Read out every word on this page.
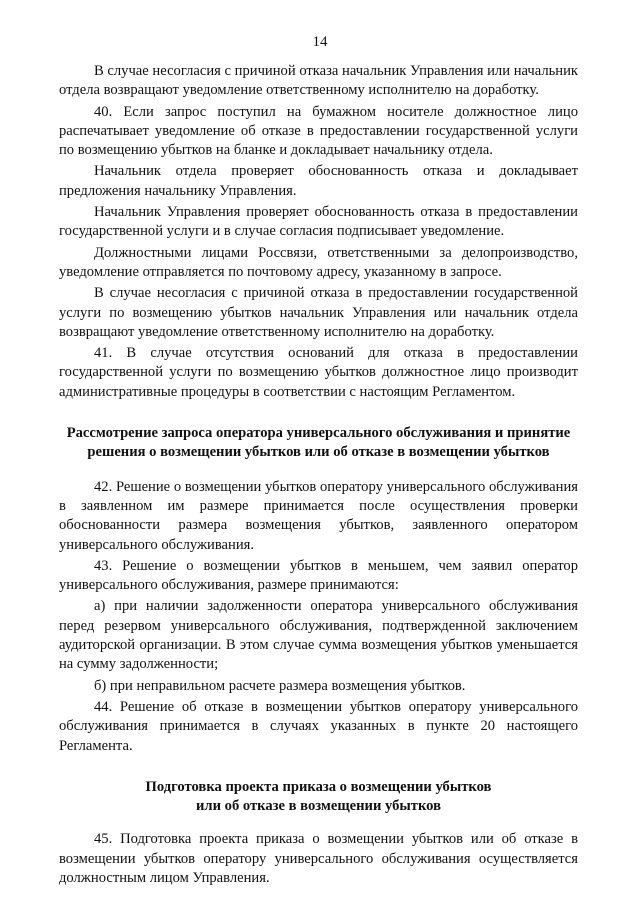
14

В случае несогласия с причиной отказа начальник Управления или начальник отдела возвращают уведомление ответственному исполнителю на доработку.

40. Если запрос поступил на бумажном носителе должностное лицо распечатывает уведомление об отказе в предоставлении государственной услуги по возмещению убытков на бланке и докладывает начальнику отдела.

Начальник отдела проверяет обоснованность отказа и докладывает предложения начальнику Управления.

Начальник Управления проверяет обоснованность отказа в предоставлении государственной услуги и в случае согласия подписывает уведомление.

Должностными лицами Россвязи, ответственными за делопроизводство, уведомление отправляется по почтовому адресу, указанному в запросе.

В случае несогласия с причиной отказа в предоставлении государственной услуги по возмещению убытков начальник Управления или начальник отдела возвращают уведомление ответственному исполнителю на доработку.

41. В случае отсутствия оснований для отказа в предоставлении государственной услуги по возмещению убытков должностное лицо производит административные процедуры в соответствии с настоящим Регламентом.

Рассмотрение запроса оператора универсального обслуживания и принятие
решения о возмещении убытков или об отказе в возмещении убытков

42. Решение о возмещении убытков оператору универсального обслуживания в заявленном им размере принимается после осуществления проверки обоснованности размера возмещения убытков, заявленного оператором универсального обслуживания.

43. Решение о возмещении убытков в меньшем, чем заявил оператор универсального обслуживания, размере принимаются:

а) при наличии задолженности оператора универсального обслуживания перед резервом универсального обслуживания, подтвержденной заключением аудиторской организации. В этом случае сумма возмещения убытков уменьшается на сумму задолженности;

б) при неправильном расчете размера возмещения убытков.

44. Решение об отказе в возмещении убытков оператору универсального обслуживания принимается в случаях указанных в пункте 20 настоящего Регламента.

Подготовка проекта приказа о возмещении убытков
или об отказе в возмещении убытков

45. Подготовка проекта приказа о возмещении убытков или об отказе в возмещении убытков оператору универсального обслуживания осуществляется должностным лицом Управления.
